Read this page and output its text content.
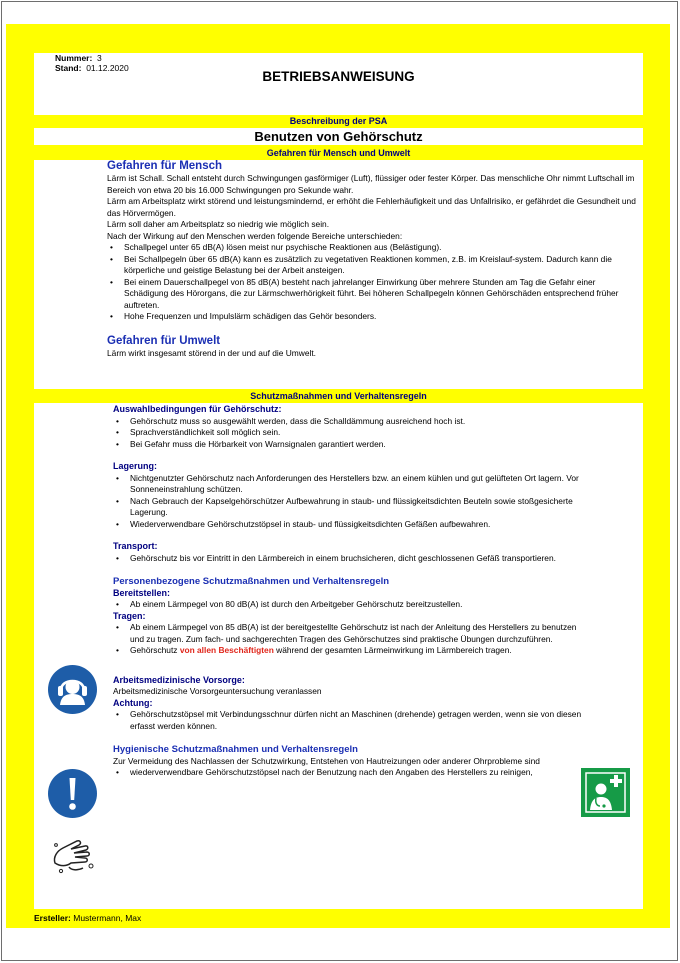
Nummer: 3
Stand: 01.12.2020
BETRIEBSANWEISUNG
Beschreibung der PSA
Benutzen von Gehörschutz
Gefahren für Mensch und Umwelt
Gefahren für Mensch

Lärm ist Schall. Schall entsteht durch Schwingungen gasförmiger (Luft), flüssiger oder fester Körper. Das menschliche Ohr nimmt Luftschall im Bereich von etwa 20 bis 16.000 Schwingungen pro Sekunde wahr.

Lärm am Arbeitsplatz wirkt störend und leistungsmindernd, er erhöht die Fehlerhäufigkeit und das Unfallrisiko, er gefährdet die Gesundheit und das Hörvermögen.

Lärm soll daher am Arbeitsplatz so niedrig wie möglich sein.

Nach der Wirkung auf den Menschen werden folgende Bereiche unterschieden:

• Schallpegel unter 65 dB(A) lösen meist nur psychische Reaktionen aus (Belästigung).
• Bei Schallpegeln über 65 dB(A) kann es zusätzlich zu vegetativen Reaktionen kommen, z.B. im Kreislauf-system. Dadurch kann die körperliche und geistige Belastung bei der Arbeit ansteigen.
• Bei einem Dauerschallpegel von 85 dB(A) besteht nach jahrelanger Einwirkung über mehrere Stunden am Tag die Gefahr einer Schädigung des Hörorgans, die zur Lärmschwerhörigkeit führt. Bei höheren Schallpegeln können Gehörschäden entsprechend früher auftreten.
• Hohe Frequenzen und Impulslärm schädigen das Gehör besonders.
Gefahren für Umwelt

Lärm wirkt insgesamt störend in der und auf die Umwelt.

Schutzmaßnahmen und Verhaltensregeln
Auswahlbedingungen für Gehörschutz:
• Gehörschutz muss so ausgewählt werden, dass die Schalldämmung ausreichend hoch ist.
• Sprachverständlichkeit soll möglich sein.
• Bei Gefahr muss die Hörbarkeit von Warnsignalen garantiert werden.
Lagerung:
• Nichtgenutzter Gehörschutz nach Anforderungen des Herstellers bzw. an einem kühlen und gut gelüfteten Ort lagern. Vor Sonneneinstrahlung schützen.
• Nach Gebrauch der Kapselgehörschützer Aufbewahrung in staub- und flüssigkeitsdichten Beuteln sowie stoßgesicherte Lagerung.
• Wiederverwendbare Gehörschutzstöpsel in staub- und flüssigkeitsdichten Gefäßen aufbewahren.
Transport:
• Gehörschutz bis vor Eintritt in den Lärmbereich in einem bruchsicheren, dicht geschlossenen Gefäß transportieren.
Personenbezogene Schutzmaßnahmen und Verhaltensregeln
Bereitstellen:
• Ab einem Lärmpegel von 80 dB(A) ist durch den Arbeitgeber Gehörschutz bereitzustellen.
Tragen:
• Ab einem Lärmpegel von 85 dB(A) ist der bereitgestellte Gehörschutz ist nach der Anleitung des Herstellers zu benutzen und zu tragen. Zum fach- und sachgerechten Tragen des Gehörschutzes sind praktische Übungen durchzuführen.
• Gehörschutz von allen Beschäftigten während der gesamten Lärmeinwirkung im Lärmbereich tragen.
Arbeitsmedizinische Vorsorge:

Arbeitsmedizinische Vorsorgeuntersuchung veranlassen

Achtung:
• Gehörschutzstöpsel mit Verbindungsschnur dürfen nicht an Maschinen (drehende) getragen werden, wenn sie von diesen erfasst werden können.
Hygienische Schutzmaßnahmen und Verhaltensregeln

Zur Vermeidung des Nachlassen der Schutzwirkung, Entstehen von Hautreizungen oder anderer Ohrprobleme sind

• wiederverwendbare Gehörschutzstöpsel nach der Benutzung nach den Angaben des Herstellers zu reinigen,
Ersteller: Mustermann, Max
